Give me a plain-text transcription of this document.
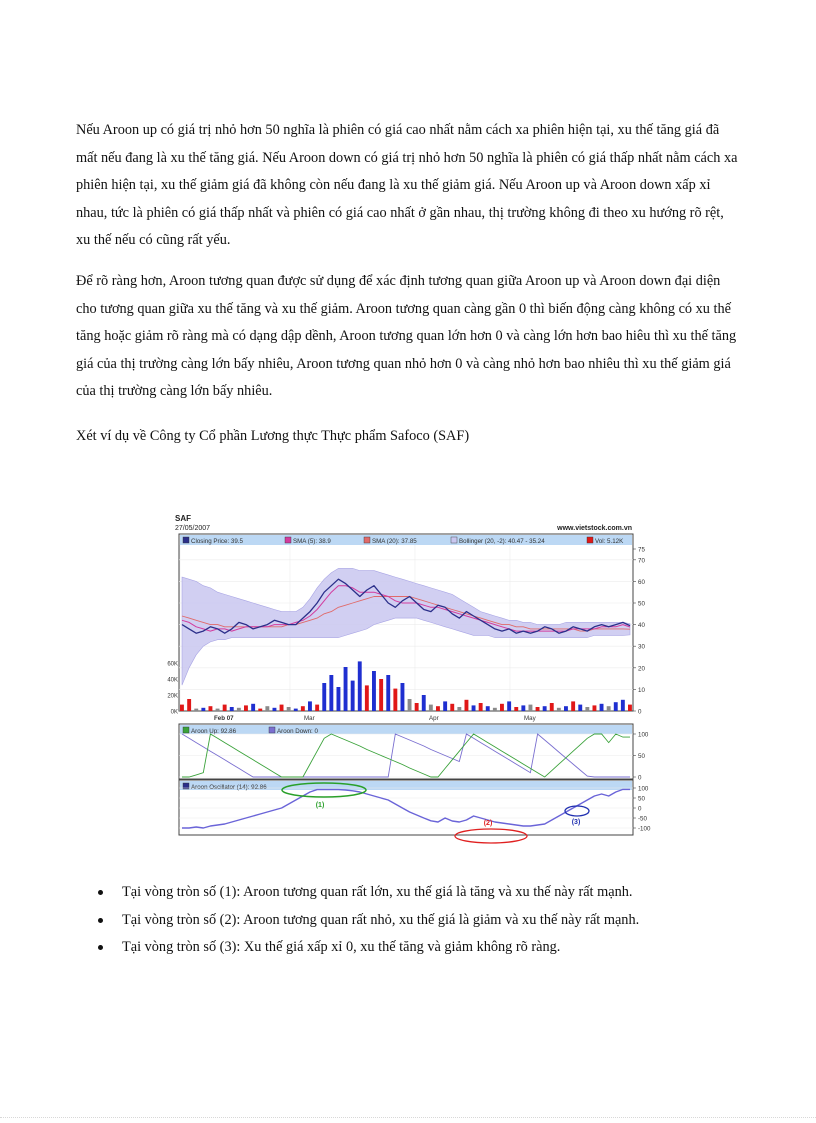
Nếu Aroon up có giá trị nhỏ hơn 50 nghĩa là phiên có giá cao nhất nằm cách xa phiên hiện tại, xu thế tăng giá đã mất nếu đang là xu thế tăng giá. Nếu Aroon down có giá trị nhỏ hơn 50 nghĩa là phiên có giá thấp nhất nằm cách xa phiên hiện tại, xu thế giảm giá đã không còn nếu đang là xu thế giảm giá. Nếu Aroon up và Aroon down xấp xỉ nhau, tức là phiên có giá thấp nhất và phiên có giá cao nhất ở gần nhau, thị trường không đi theo xu hướng rõ rệt, xu thế nếu có cũng rất yếu.

Để rõ ràng hơn, Aroon tương quan được sử dụng để xác định tương quan giữa Aroon up và Aroon down đại diện cho tương quan giữa xu thế tăng và xu thế giảm. Aroon tương quan càng gần 0 thì biến động càng không có xu thế tăng hoặc giảm rõ ràng mà có dạng dập dềnh, Aroon tương quan lớn hơn 0 và càng lớn hơn bao hiêu thì xu thế tăng giá của thị trường càng lớn bấy nhiêu, Aroon tương quan nhỏ hơn 0 và càng nhỏ hơn bao nhiêu thì xu thế giảm giá của thị trường càng lớn bấy nhiêu.

Xét ví dụ về Công ty Cổ phần Lương thực Thực phẩm Safoco (SAF)

SAF
27/05/2007	www.vietstock.com.vn
Closing Price: 39.5	SMA (5): 38.9	SMA (20): 37.85	Bollinger (20, -2): 40.47 - 35.24	Vol: 5.12K
75
70
60
50
40
30
20
10
0
60K
40K
20K
0K
Feb 07	Mar	Apr	May
Aroon Up: 92.86	Aroon Down: 0	100
50
0
Aroon Oscillator (14): 92.86	100
50
0
-50
-100
(1)
(2)	(3)
Tại vòng tròn số (1): Aroon tương quan rất lớn, xu thế giá là tăng và xu thế này rất mạnh.
Tại vòng tròn số (2): Aroon tương quan rất nhỏ, xu thế giá là giảm và xu thế này rất mạnh.
Tại vòng tròn số (3): Xu thế giá xấp xỉ 0, xu thế tăng và giảm không rõ ràng.
